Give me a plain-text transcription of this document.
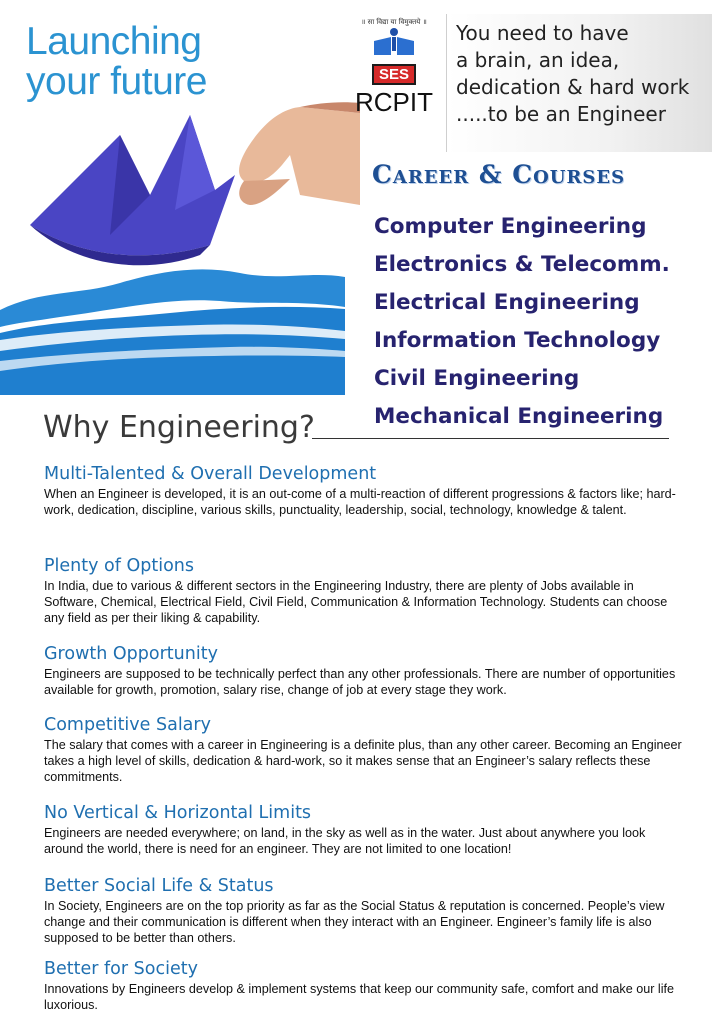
Launching
your future
॥ सा विद्या या विमुक्तये ॥
SES
RCPIT
You need to have
a brain, an idea,
dedication & hard work
.....to be an Engineer
Career & Courses
Computer Engineering
Electronics & Telecomm.
Electrical Engineering
Information Technology
Civil Engineering
Mechanical Engineering
Why Engineering?
Multi-Talented & Overall Development
When an Engineer is developed, it is an out-come of a multi-reaction of different progressions & factors like; hard-work, dedication, discipline, various skills, punctuality, leadership, social, technology, knowledge & talent.
Plenty of Options
In India, due to various & different sectors in the Engineering Industry, there are plenty of Jobs available in Software, Chemical, Electrical Field, Civil Field, Communication & Information Technology. Students can choose any field as per their liking & capability.
Growth Opportunity
Engineers are supposed to be technically perfect than any other professionals. There are number of opportunities available for growth, promotion, salary rise, change of job at every stage they work.
Competitive Salary
The salary that comes with a career in Engineering is a definite plus, than any other career. Becoming an Engineer takes a high level of skills, dedication & hard-work, so it makes sense that an Engineer’s salary reflects these commitments.
No Vertical & Horizontal Limits
Engineers are needed everywhere; on land, in the sky as well as in the water. Just about anywhere you look around the world, there is need for an engineer. They are not limited to one location!
Better Social Life & Status
In Society, Engineers are on the top priority as far as the Social Status & reputation is concerned. People’s view change and their communication is different when they interact with an Engineer. Engineer’s family life is also supposed to be better than others.
Better for Society
Innovations by Engineers develop & implement systems that keep our community safe, comfort and make our life luxorious.
